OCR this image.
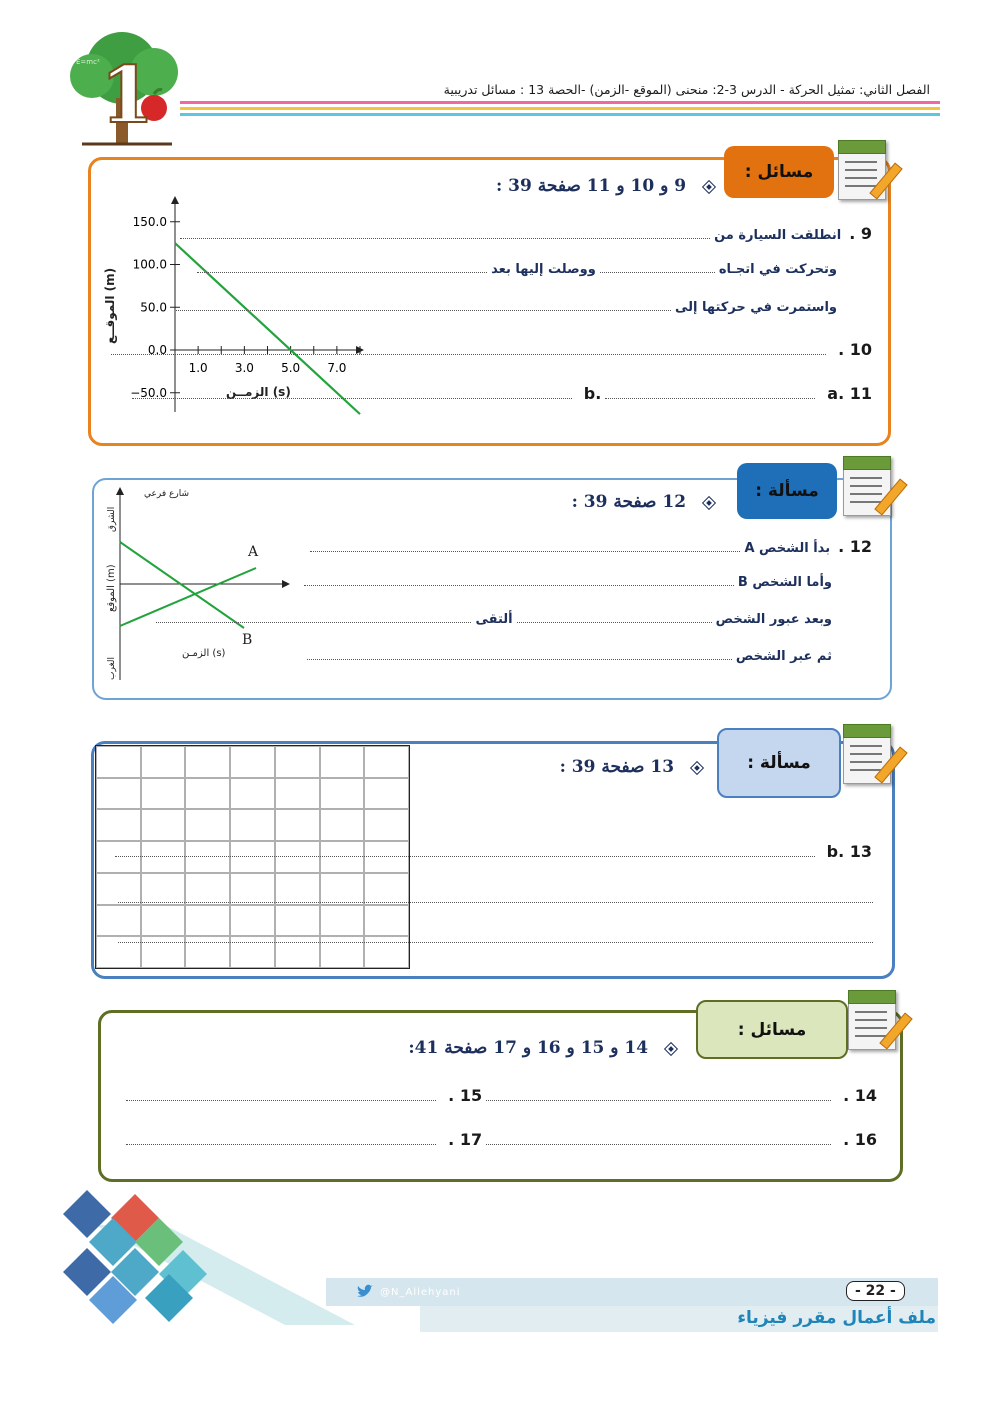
E=mc² 1	الفصل الثاني: تمثيل الحركة - الدرس 3-2: منحنى (الموقع -الزمن) -الحصة 13 : مسائل تدريبية
مسائل :
9 و 10 و 11 صفحة 39 :
150.0
100.0
50.0
0.0
−50.0
1.0 3.0 5.0 7.0
الموقــع (m)
الزمــن (s)
9 .
انطلقت السيارة من
وتحركت في اتجـاه
ووصلت إليها بعد
واستمرت في حركتها إلى
10 .
11 .a
.b
مسألة :
12 صفحة 39 :
A
B
شارع فرعي
الشرق
الغرب
الموقع (m)
الزمـن (s)
12 .
بدأ الشخص A
وأما الشخص B
وبعد عبور الشخص
ألتقى
ثم عبر الشخص
مسألة :
13 صفحة 39 :
13 .b
مسائل :
14 و 15 و 16 و 17 صفحة 41:
14 .
15 .
16 .
17 .
@N_Allehyani	- 22 -
ملف أعمال مقرر فيزياء
